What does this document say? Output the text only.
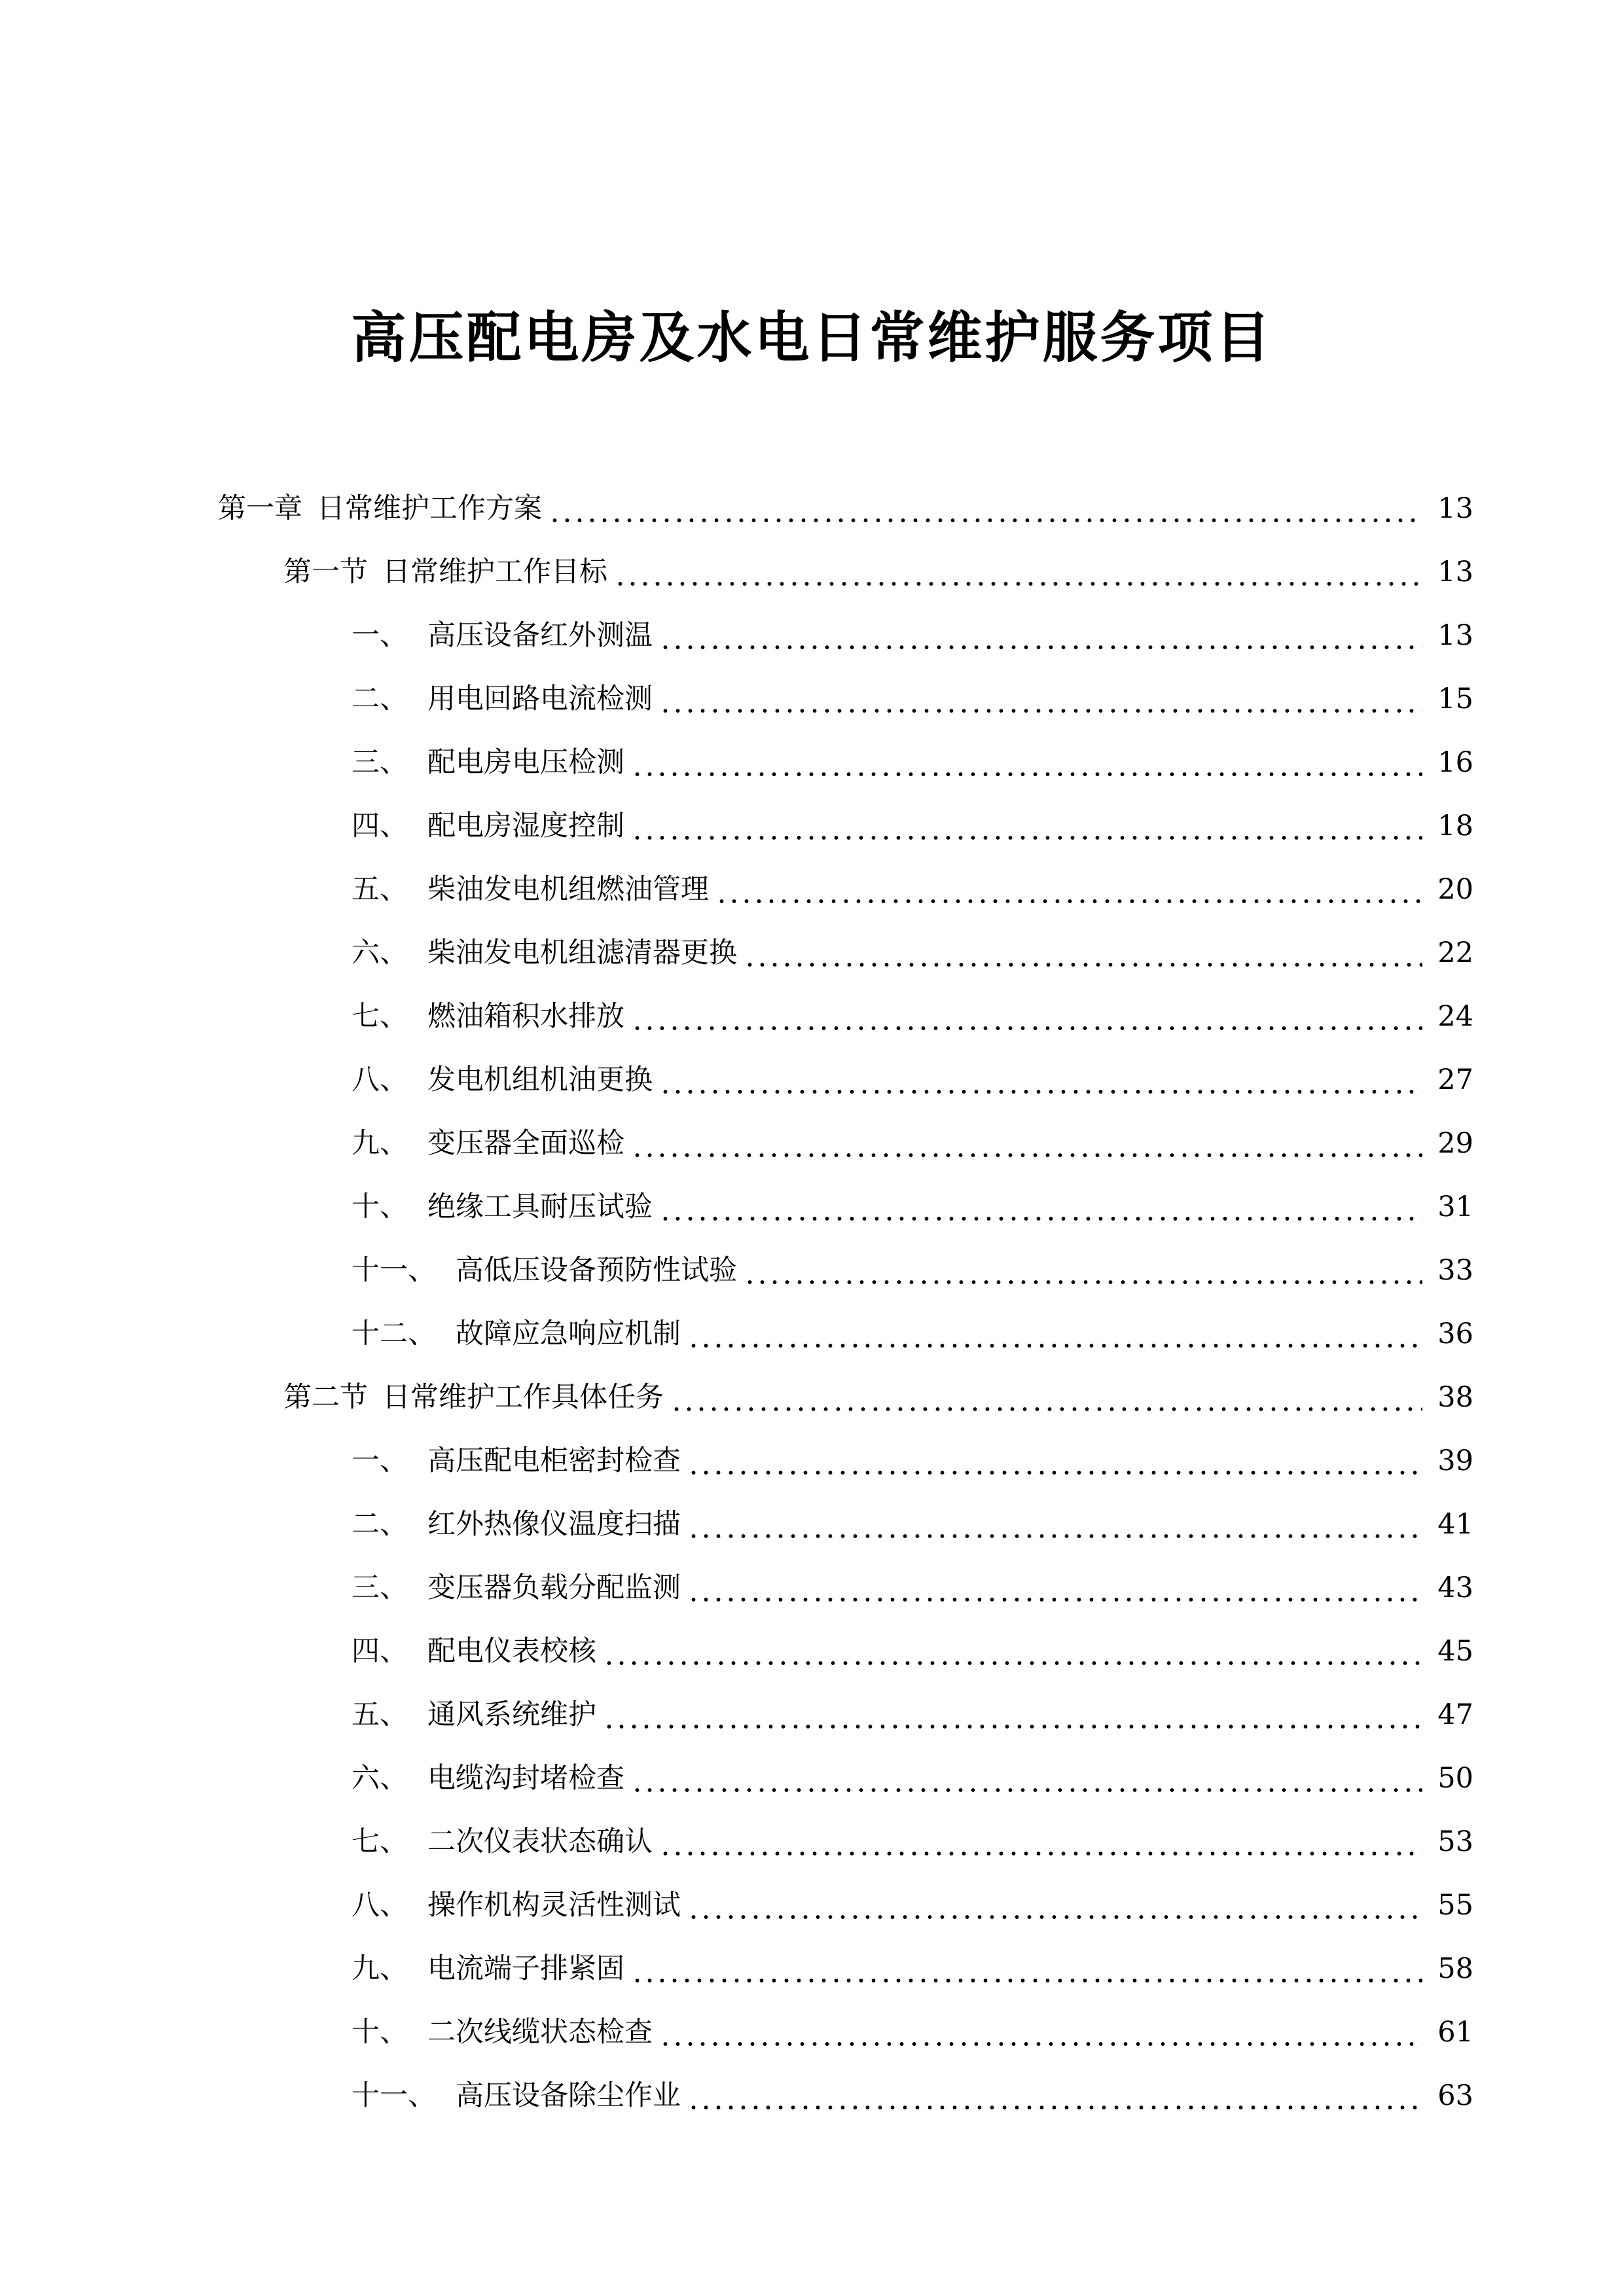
高压配电房及水电日常维护服务项目
第一章 日常维护工作方案	13
第一节 日常维护工作目标	13
一、 高压设备红外测温	13
二、 用电回路电流检测	15
三、 配电房电压检测	16
四、 配电房湿度控制	18
五、 柴油发电机组燃油管理	20
六、 柴油发电机组滤清器更换	22
七、 燃油箱积水排放	24
八、 发电机组机油更换	27
九、 变压器全面巡检	29
十、 绝缘工具耐压试验	31
十一、 高低压设备预防性试验	33
十二、 故障应急响应机制	36
第二节 日常维护工作具体任务	38
一、 高压配电柜密封检查	39
二、 红外热像仪温度扫描	41
三、 变压器负载分配监测	43
四、 配电仪表校核	45
五、 通风系统维护	47
六、 电缆沟封堵检查	50
七、 二次仪表状态确认	53
八、 操作机构灵活性测试	55
九、 电流端子排紧固	58
十、 二次线缆状态检查	61
十一、 高压设备除尘作业	63
